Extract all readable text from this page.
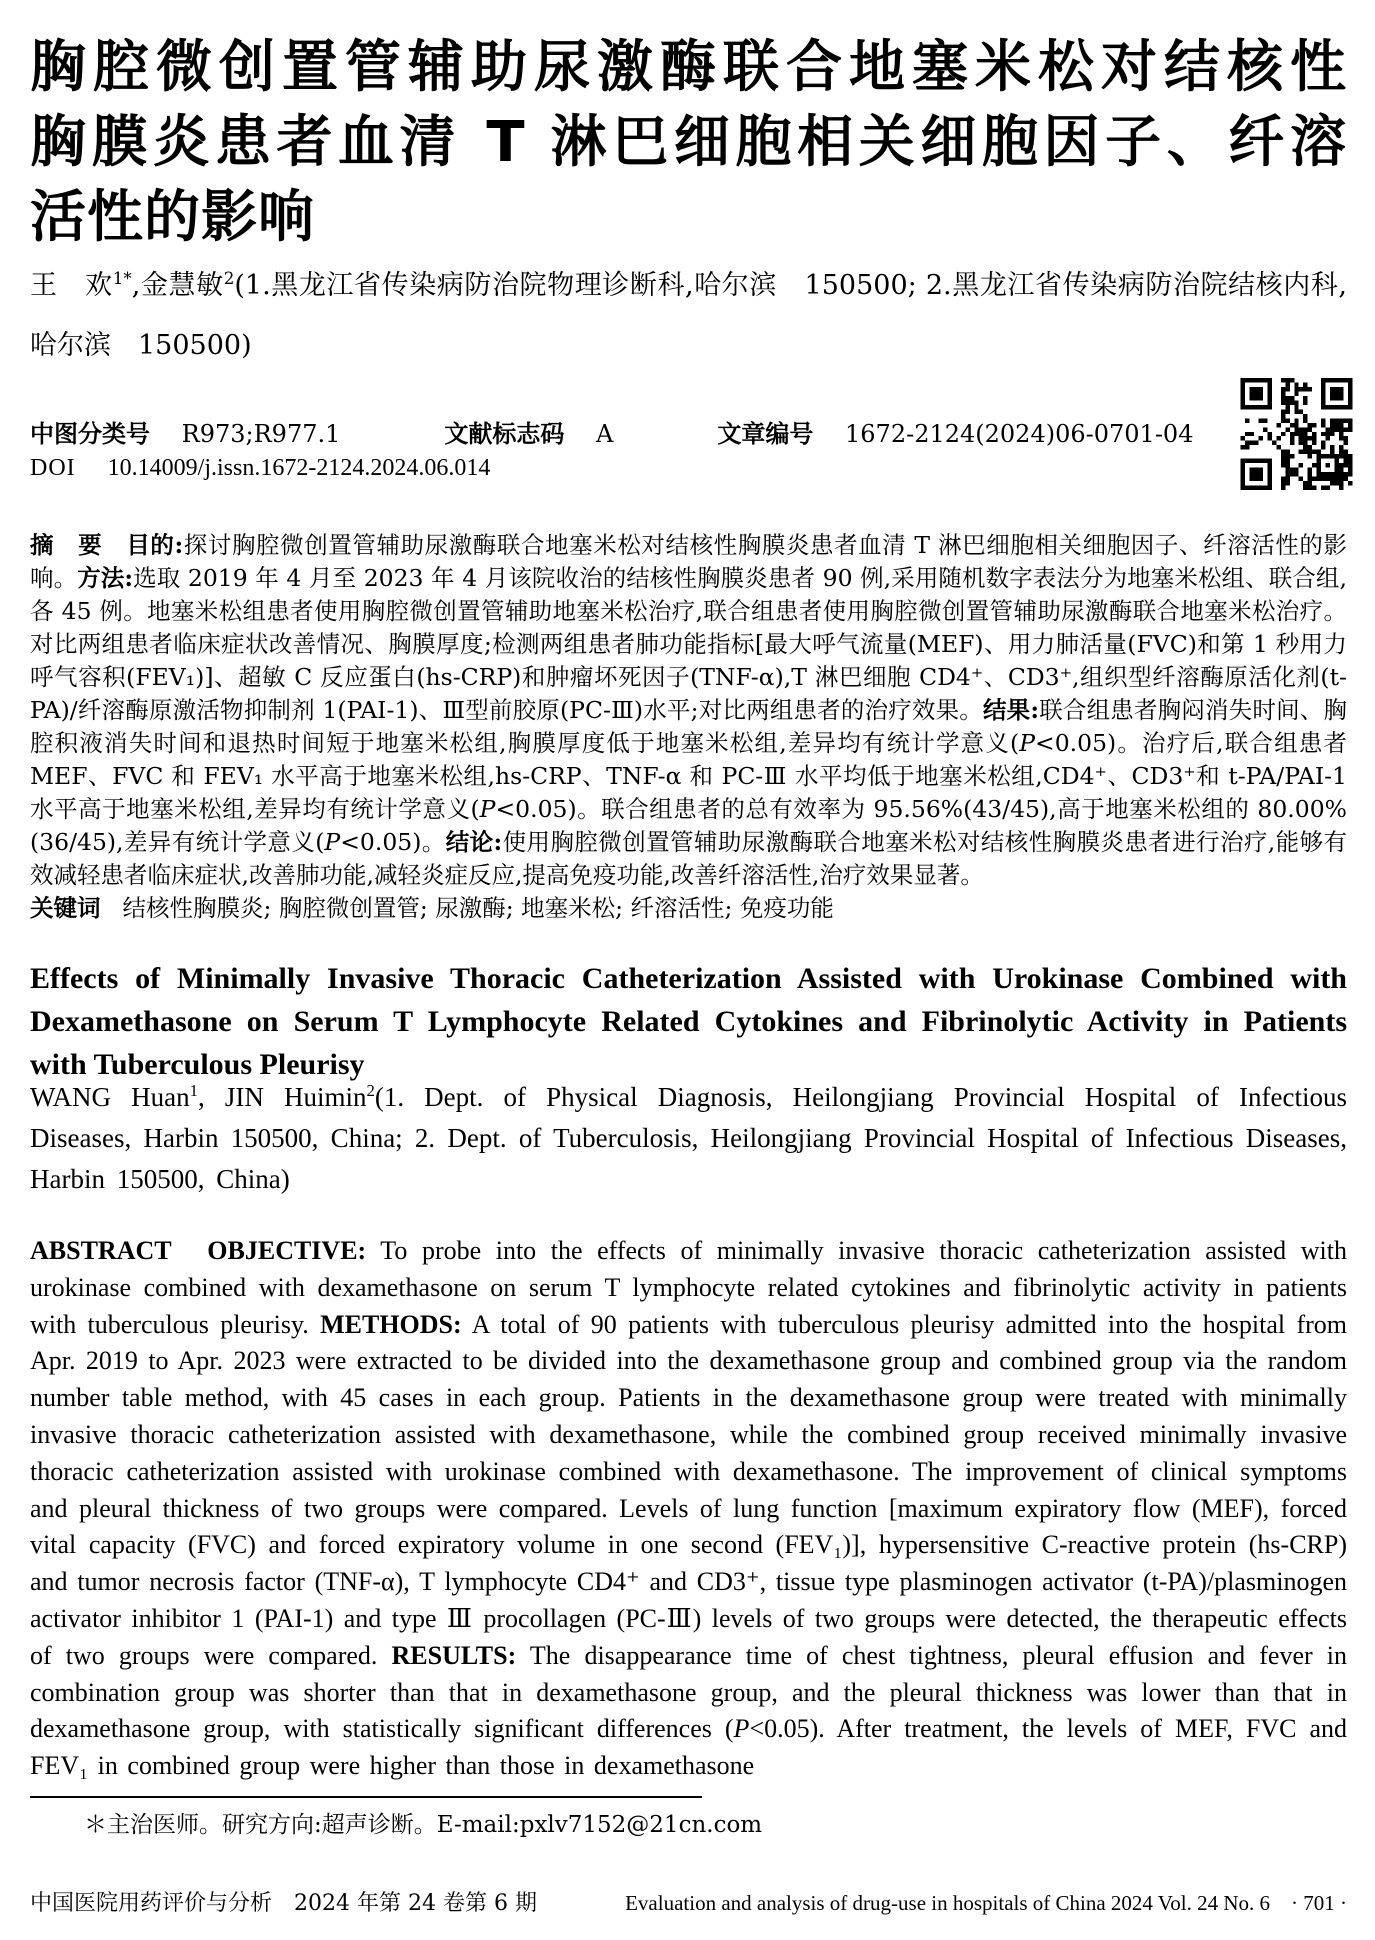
胸腔微创置管辅助尿激酶联合地塞米松对结核性
胸膜炎患者血清 T 淋巴细胞相关细胞因子、纤溶
活性的影响
王　欢$^{1*}$,金慧敏$^2$(1.黑龙江省传染病防治院物理诊断科,哈尔滨　150500; 2.黑龙江省传染病防治院结核内科,哈尔滨　150500)
中图分类号 R973;R977.1	文献标志码 A	文章编号 1672-2124(2024)06-0701-04
DOI 10.14009/j.issn.1672-2124.2024.06.014
摘　要　目的:探讨胸腔微创置管辅助尿激酶联合地塞米松对结核性胸膜炎患者血清 T 淋巴细胞相关细胞因子、纤溶活性的影响。方法:选取 2019 年 4 月至 2023 年 4 月该院收治的结核性胸膜炎患者 90 例,采用随机数字表法分为地塞米松组、联合组,各 45 例。地塞米松组患者使用胸腔微创置管辅助地塞米松治疗,联合组患者使用胸腔微创置管辅助尿激酶联合地塞米松治疗。对比两组患者临床症状改善情况、胸膜厚度;检测两组患者肺功能指标[最大呼气流量(MEF)、用力肺活量(FVC)和第 1 秒用力呼气容积(FEV₁)]、超敏 C 反应蛋白(hs-CRP)和肿瘤坏死因子(TNF-α),T 淋巴细胞 CD4⁺、CD3⁺,组织型纤溶酶原活化剂(t-PA)/纤溶酶原激活物抑制剂 1(PAI-1)、Ⅲ型前胶原(PC-Ⅲ)水平;对比两组患者的治疗效果。结果:联合组患者胸闷消失时间、胸腔积液消失时间和退热时间短于地塞米松组,胸膜厚度低于地塞米松组,差异均有统计学意义(P<0.05)。治疗后,联合组患者 MEF、FVC 和 FEV₁ 水平高于地塞米松组,hs-CRP、TNF-α 和 PC-Ⅲ 水平均低于地塞米松组,CD4⁺、CD3⁺和 t-PA/PAI-1 水平高于地塞米松组,差异均有统计学意义(P<0.05)。联合组患者的总有效率为 95.56%(43/45),高于地塞米松组的 80.00%(36/45),差异有统计学意义(P<0.05)。结论:使用胸腔微创置管辅助尿激酶联合地塞米松对结核性胸膜炎患者进行治疗,能够有效减轻患者临床症状,改善肺功能,减轻炎症反应,提高免疫功能,改善纤溶活性,治疗效果显著。
关键词 结核性胸膜炎; 胸腔微创置管; 尿激酶; 地塞米松; 纤溶活性; 免疫功能
Effects of Minimally Invasive Thoracic Catheterization Assisted with Urokinase Combined with
Dexamethasone on Serum T Lymphocyte Related Cytokines and Fibrinolytic Activity in Patients
with Tuberculous Pleurisy
WANG Huan$^1$, JIN Huimin$^2$(1. Dept. of Physical Diagnosis, Heilongjiang Provincial Hospital of Infectious Diseases, Harbin 150500, China; 2. Dept. of Tuberculosis, Heilongjiang Provincial Hospital of Infectious Diseases, Harbin 150500, China)
ABSTRACT　OBJECTIVE: To probe into the effects of minimally invasive thoracic catheterization assisted with urokinase combined with dexamethasone on serum T lymphocyte related cytokines and fibrinolytic activity in patients with tuberculous pleurisy. METHODS: A total of 90 patients with tuberculous pleurisy admitted into the hospital from Apr. 2019 to Apr. 2023 were extracted to be divided into the dexamethasone group and combined group via the random number table method, with 45 cases in each group. Patients in the dexamethasone group were treated with minimally invasive thoracic catheterization assisted with dexamethasone, while the combined group received minimally invasive thoracic catheterization assisted with urokinase combined with dexamethasone. The improvement of clinical symptoms and pleural thickness of two groups were compared. Levels of lung function [maximum expiratory flow (MEF), forced vital capacity (FVC) and forced expiratory volume in one second (FEV₁)], hypersensitive C-reactive protein (hs-CRP) and tumor necrosis factor (TNF-α), T lymphocyte CD4⁺ and CD3⁺, tissue type plasminogen activator (t-PA)/plasminogen activator inhibitor 1 (PAI-1) and type Ⅲ procollagen (PC-Ⅲ) levels of two groups were detected, the therapeutic effects of two groups were compared. RESULTS: The disappearance time of chest tightness, pleural effusion and fever in combination group was shorter than that in dexamethasone group, and the pleural thickness was lower than that in dexamethasone group, with statistically significant differences (P<0.05). After treatment, the levels of MEF, FVC and FEV₁ in combined group were higher than those in dexamethasone
＊主治医师。研究方向:超声诊断。E-mail:pxlv7152@21cn.com
中国医院用药评价与分析　2024 年第 24 卷第 6 期	Evaluation and analysis of drug-use in hospitals of China 2024 Vol. 24 No. 6　· 701 ·
